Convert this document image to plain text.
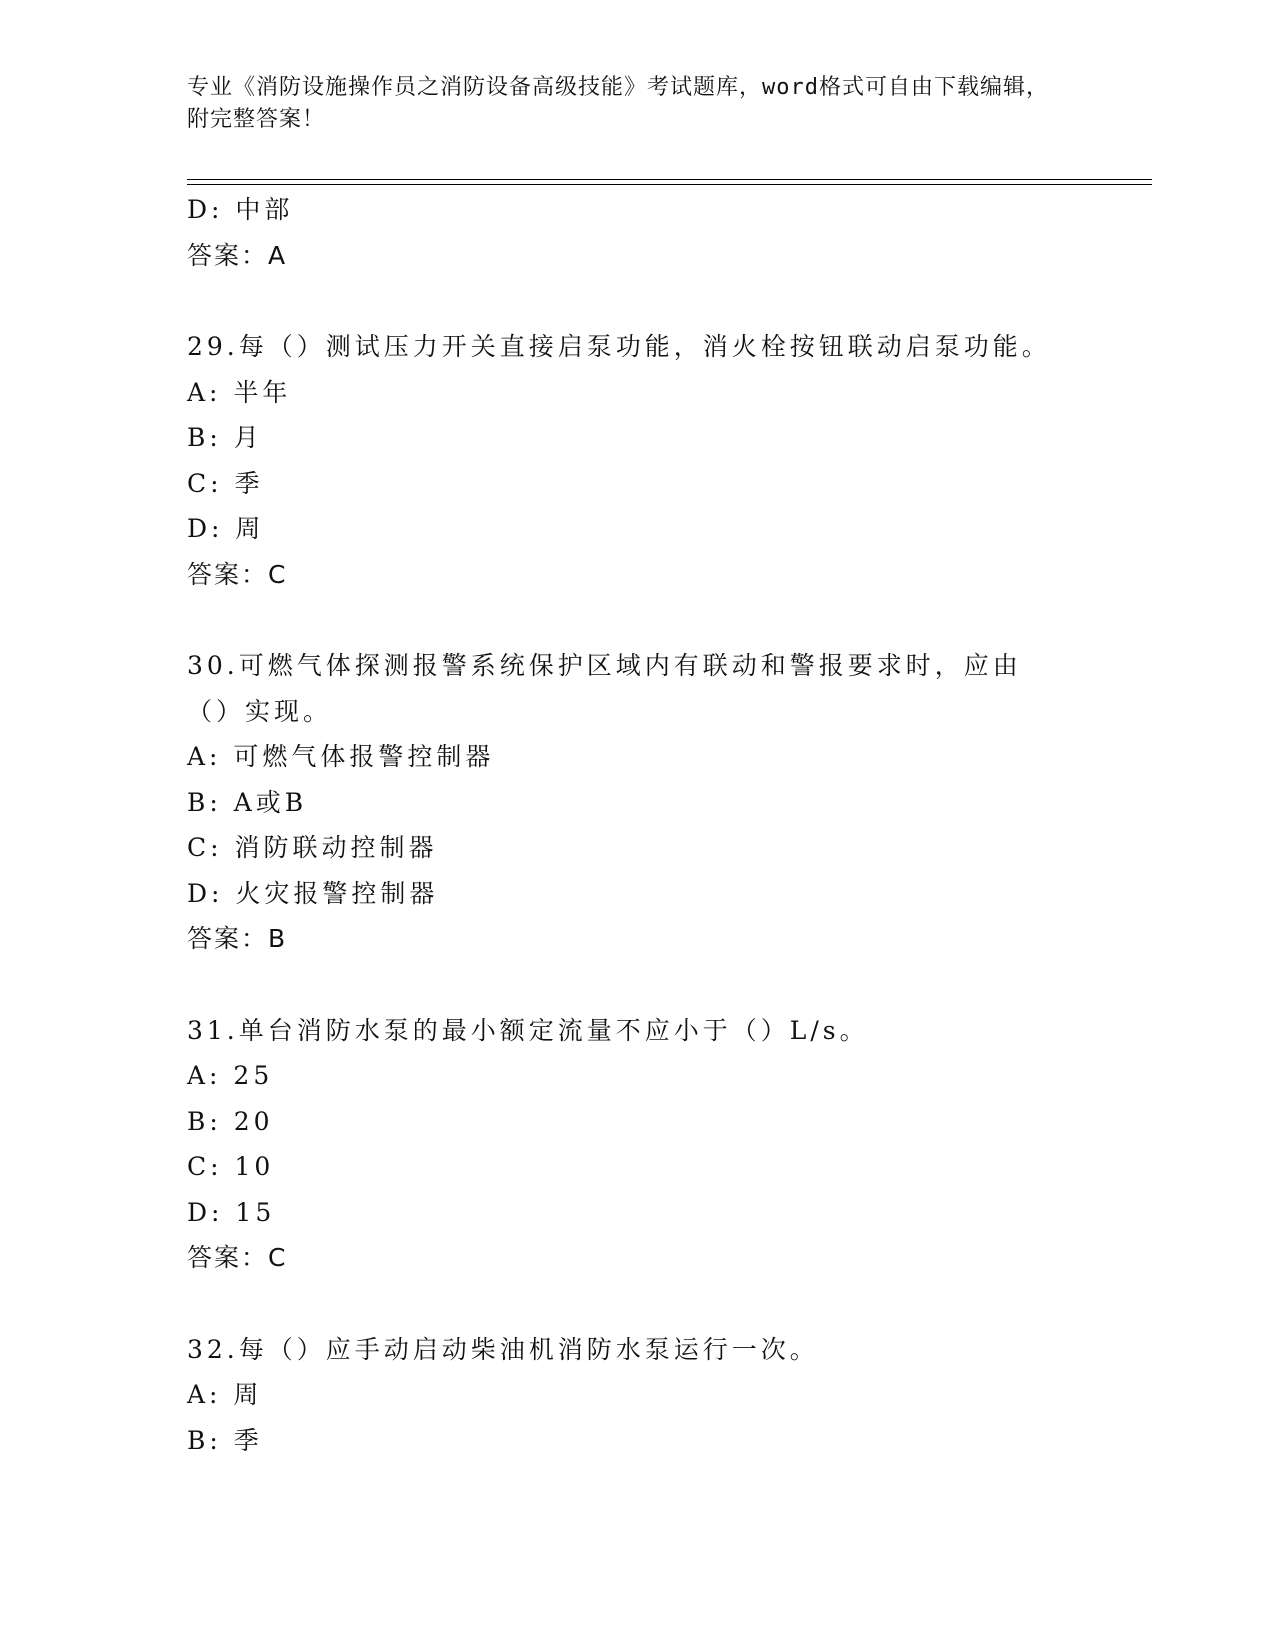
专业《消防设施操作员之消防设备高级技能》考试题库，word格式可自由下载编辑，附完整答案！
D: 中部
答案：A
29.每（）测试压力开关直接启泵功能，消火栓按钮联动启泵功能。
A: 半年
B: 月
C: 季
D: 周
答案：C
30.可燃气体探测报警系统保护区域内有联动和警报要求时，应由（）实现。
A: 可燃气体报警控制器
B: A或B
C: 消防联动控制器
D: 火灾报警控制器
答案：B
31.单台消防水泵的最小额定流量不应小于（）L/s。
A: 25
B: 20
C: 10
D: 15
答案：C
32.每（）应手动启动柴油机消防水泵运行一次。
A: 周
B: 季
